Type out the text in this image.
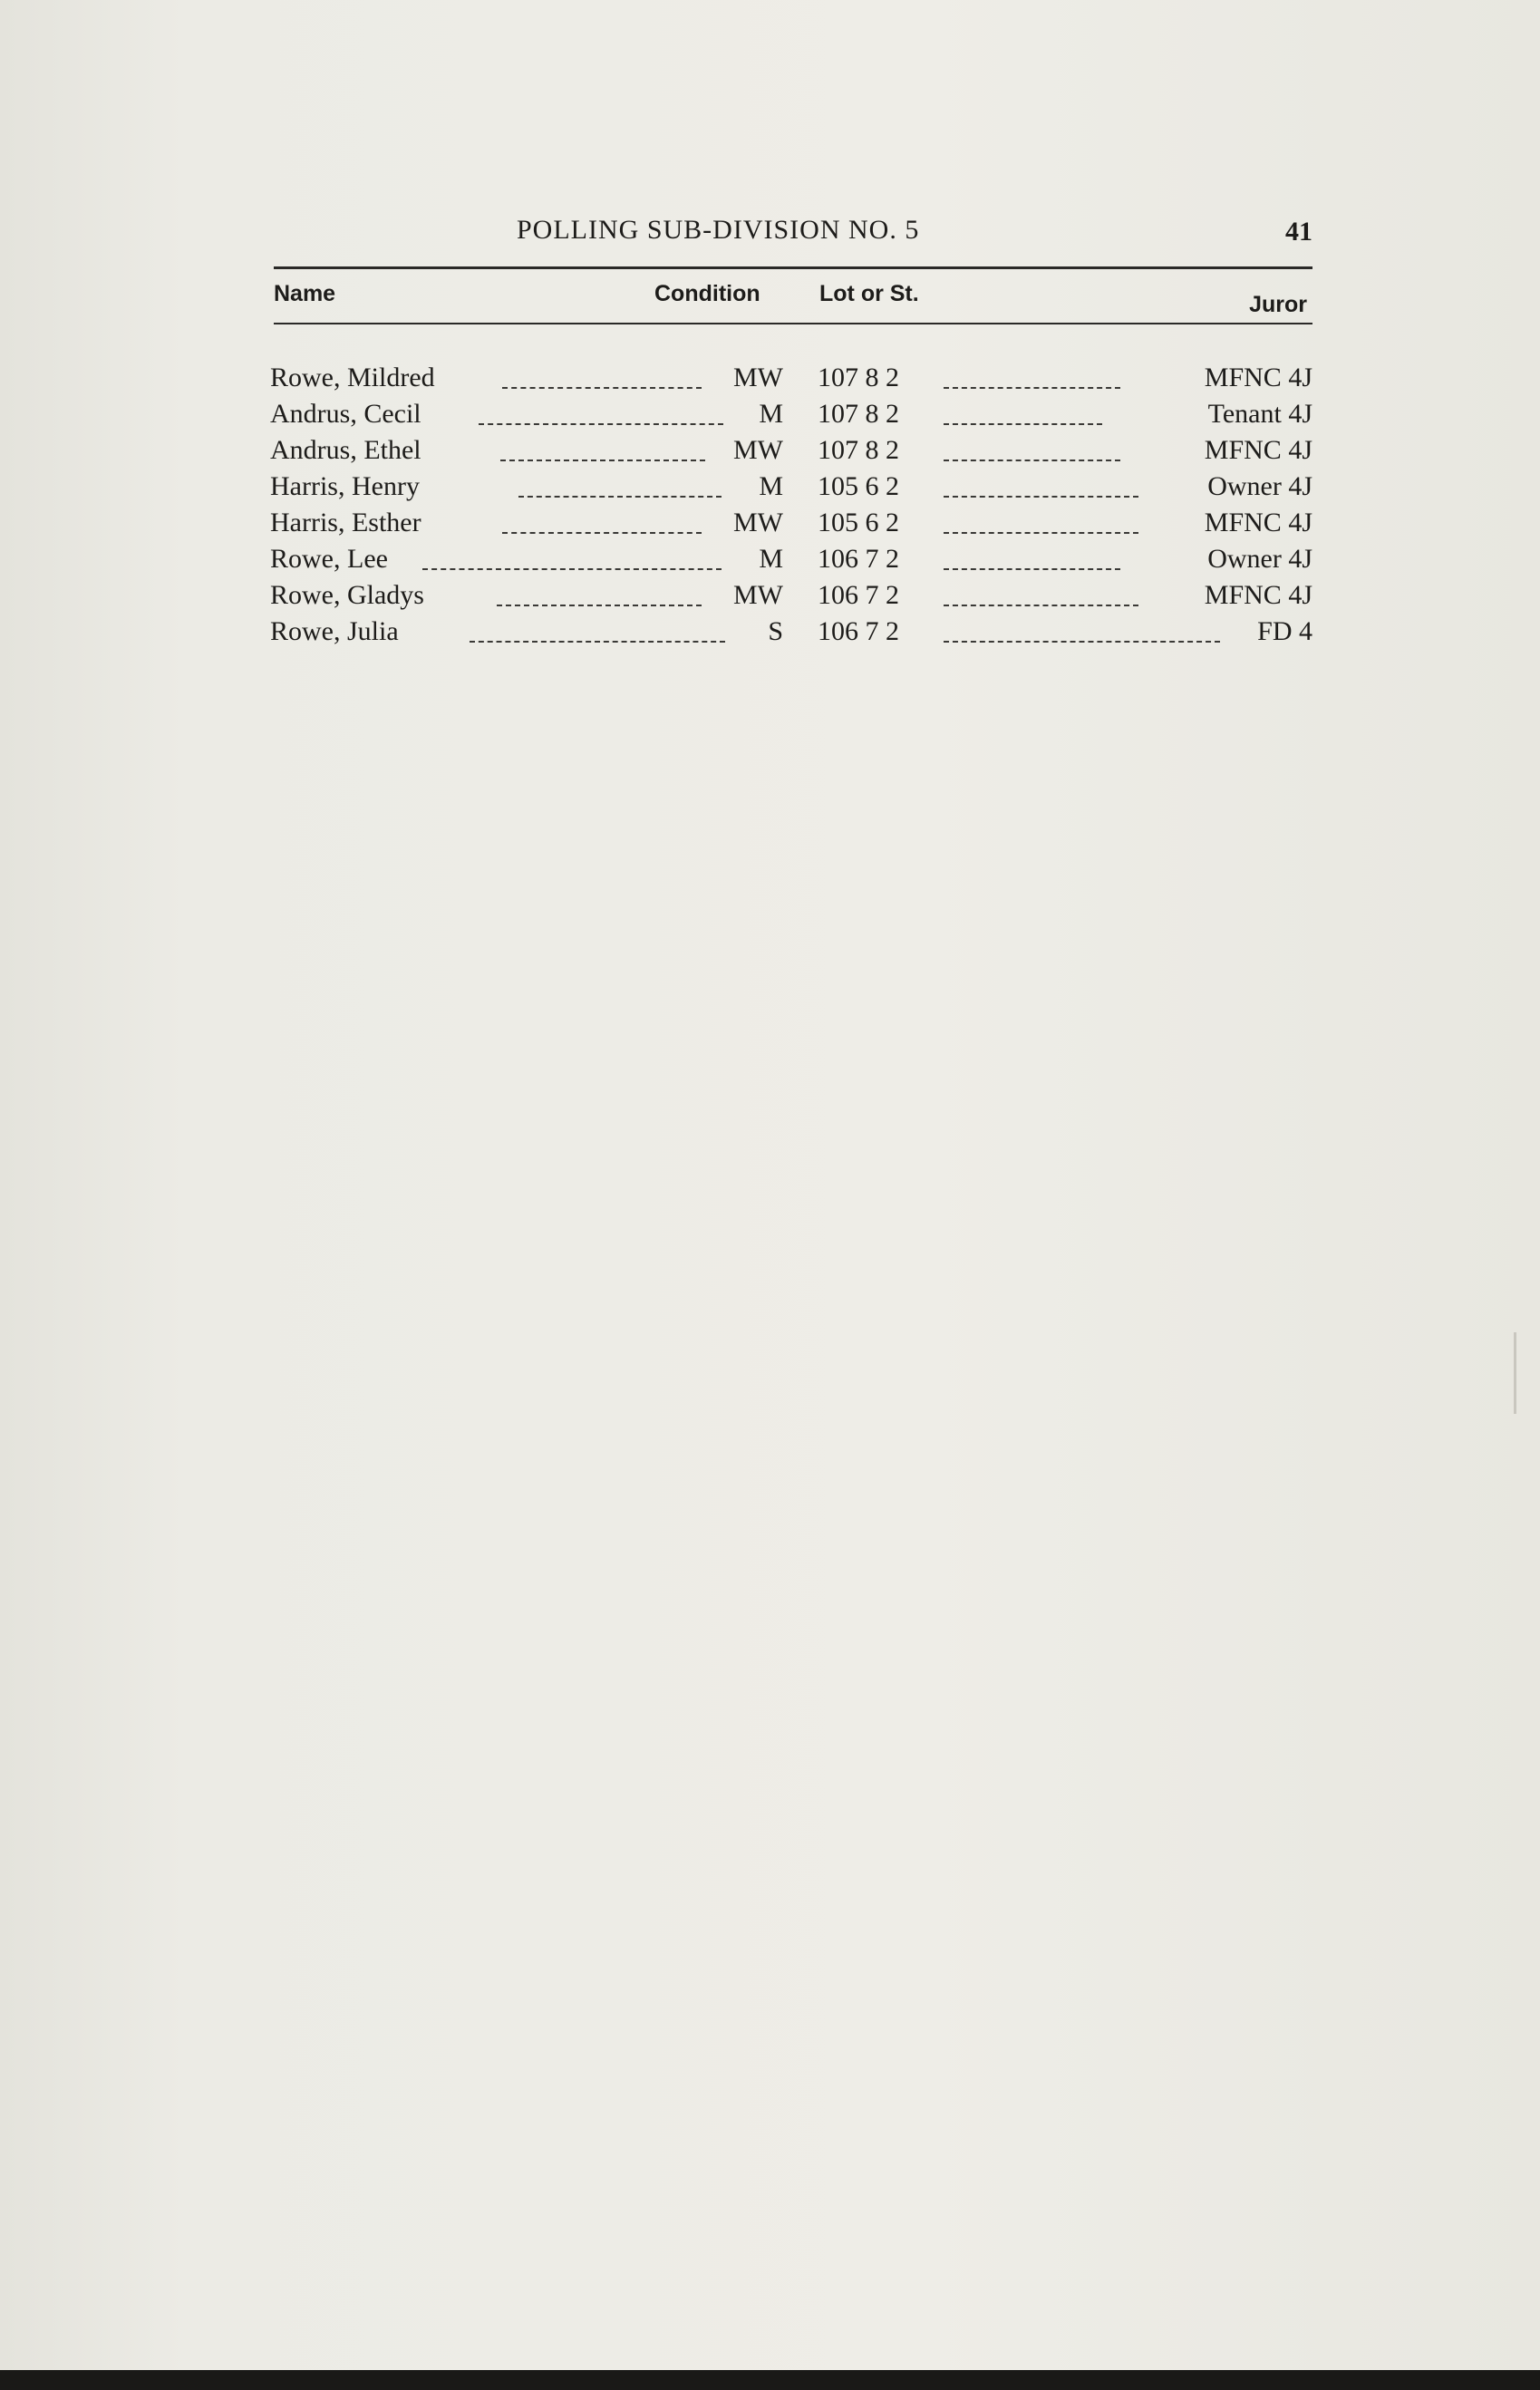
POLLING SUB-DIVISION NO. 5	41
Name	Condition	Lot or St.	Juror
Rowe, Mildred	MW 107 8 2	MFNC 4J
Andrus, Cecil	M 107 8 2	Tenant 4J
Andrus, Ethel	MW 107 8 2	MFNC 4J
Harris, Henry	M 105 6 2	Owner 4J
Harris, Esther	MW 105 6 2	MFNC 4J
Rowe, Lee	M 106 7 2	Owner 4J
Rowe, Gladys	MW 106 7 2	MFNC 4J
Rowe, Julia	S 106 7 2	FD 4
